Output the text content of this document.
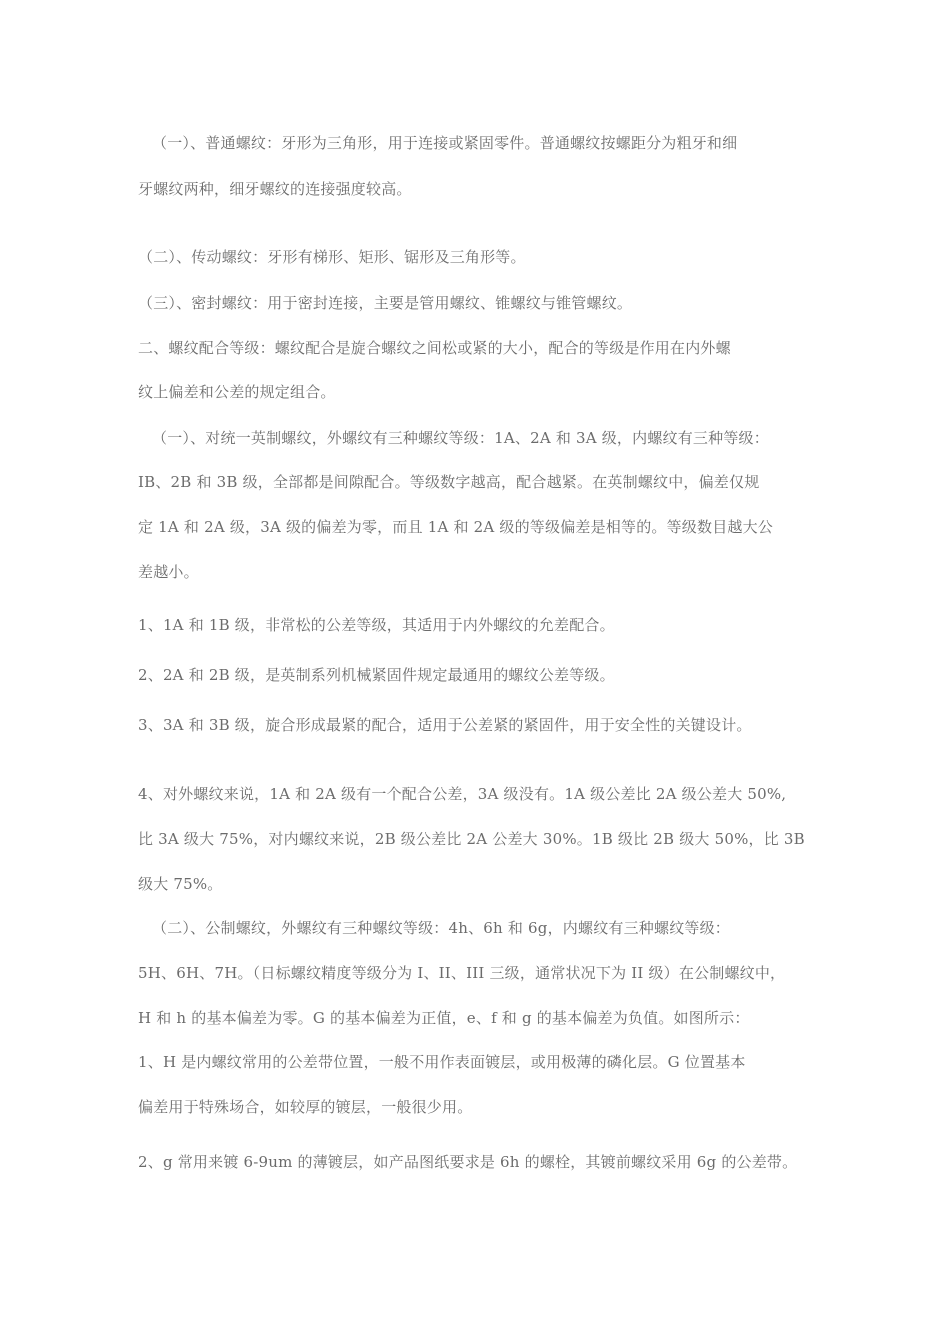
（一）、普通螺纹：牙形为三角形，用于连接或紧固零件。普通螺纹按螺距分为粗牙和细
牙螺纹两种，细牙螺纹的连接强度较高。
（二）、传动螺纹：牙形有梯形、矩形、锯形及三角形等。
（三）、密封螺纹：用于密封连接，主要是管用螺纹、锥螺纹与锥管螺纹。
二、螺纹配合等级：螺纹配合是旋合螺纹之间松或紧的大小，配合的等级是作用在内外螺
纹上偏差和公差的规定组合。
（一）、对统一英制螺纹，外螺纹有三种螺纹等级：1A、2A 和 3A 级，内螺纹有三种等级：
IB、2B 和 3B 级，全部都是间隙配合。等级数字越高，配合越紧。在英制螺纹中，偏差仅规
定 1A 和 2A 级，3A 级的偏差为零，而且 1A 和 2A 级的等级偏差是相等的。等级数目越大公
差越小。
1、1A 和 1B 级，非常松的公差等级，其适用于内外螺纹的允差配合。
2、2A 和 2B 级，是英制系列机械紧固件规定最通用的螺纹公差等级。
3、3A 和 3B 级，旋合形成最紧的配合，适用于公差紧的紧固件，用于安全性的关键设计。
4、对外螺纹来说，1A 和 2A 级有一个配合公差，3A 级没有。1A 级公差比 2A 级公差大 50%,
比 3A 级大 75%，对内螺纹来说，2B 级公差比 2A 公差大 30%。1B 级比 2B 级大 50%，比 3B
级大 75%。
（二）、公制螺纹，外螺纹有三种螺纹等级：4h、6h 和 6g，内螺纹有三种螺纹等级：
5H、6H、7H。（日标螺纹精度等级分为 I、II、III 三级，通常状况下为 II 级）在公制螺纹中，
H 和 h 的基本偏差为零。G 的基本偏差为正值，e、f 和 g 的基本偏差为负值。如图所示：
1、H 是内螺纹常用的公差带位置，一般不用作表面镀层，或用极薄的磷化层。G 位置基本
偏差用于特殊场合，如较厚的镀层，一般很少用。
2、g 常用来镀 6-9um 的薄镀层，如产品图纸要求是 6h 的螺栓，其镀前螺纹采用 6g 的公差带。
